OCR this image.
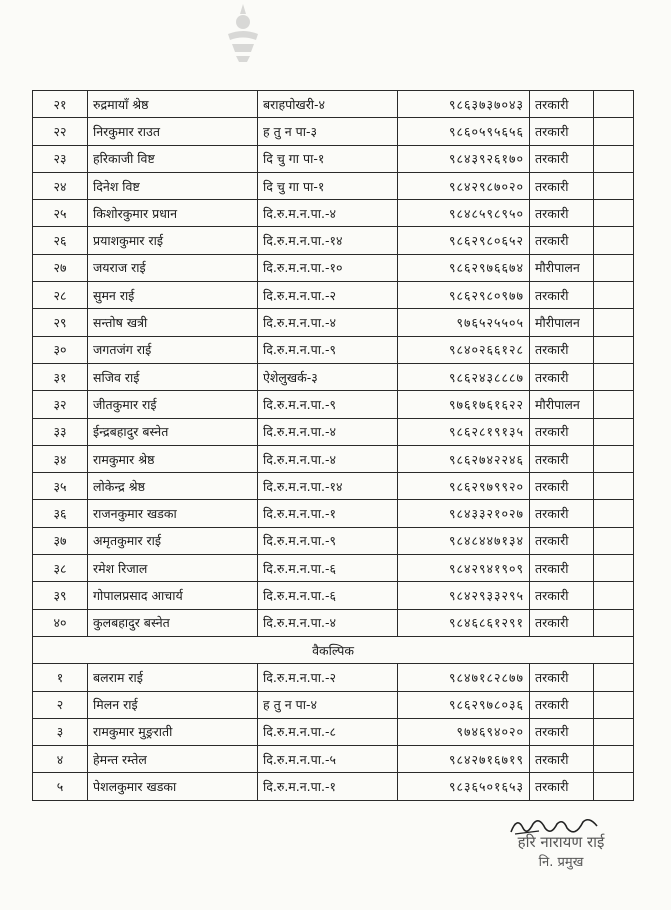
२१	रुद्रमायाँ श्रेष्ठ	बराहपोखरी-४	९८६३७३७०४३	तरकारी	
२२	निरकुमार राउत	ह तु न पा-३	९८६०५९५६५६	तरकारी	
२३	हरिकाजी विष्ट	दि चु गा पा-१	९८४३९२६१७०	तरकारी	
२४	दिनेश विष्ट	दि चु गा पा-१	९८४२९८७०२०	तरकारी	
२५	किशोरकुमार प्रधान	दि.रु.म.न.पा.-४	९८४८५९८९५०	तरकारी	
२६	प्रयाशकुमार राई	दि.रु.म.न.पा.-१४	९८६२९८०६५२	तरकारी	
२७	जयराज राई	दि.रु.म.न.पा.-१०	९८६२९७६६७४	मौरीपालन	
२८	सुमन राई	दि.रु.म.न.पा.-२	९८६२९८०९७७	तरकारी	
२९	सन्तोष खत्री	दि.रु.म.न.पा.-४	९७६५२५५०५	मौरीपालन	
३०	जगतजंग राई	दि.रु.म.न.पा.-९	९८४०२६६१२८	तरकारी	
३१	सजिव राई	ऐशेलुखर्क-३	९८६२४३८८८७	तरकारी	
३२	जीतकुमार राई	दि.रु.म.न.पा.-९	९७६१७६१६२२	मौरीपालन	
३३	ईन्द्रबहादुर बस्नेत	दि.रु.म.न.पा.-४	९८६२८१९१३५	तरकारी	
३४	रामकुमार श्रेष्ठ	दि.रु.म.न.पा.-४	९८६२७४२२४६	तरकारी	
३५	लोकेन्द्र श्रेष्ठ	दि.रु.म.न.पा.-१४	९८६२९७९९२०	तरकारी	
३६	राजनकुमार खडका	दि.रु.म.न.पा.-१	९८४३३२१०२७	तरकारी	
३७	अमृतकुमार राई	दि.रु.म.न.पा.-९	९८४८४४७१३४	तरकारी	
३८	रमेश रिजाल	दि.रु.म.न.पा.-६	९८४२९४१९०९	तरकारी	
३९	गोपालप्रसाद आचार्य	दि.रु.म.न.पा.-६	९८४२९३३२९५	तरकारी	
४०	कुलबहादुर बस्नेत	दि.रु.म.न.पा.-४	९८४६८६१२९१	तरकारी	
वैकल्पिक					
१	बलराम राई	दि.रु.म.न.पा.-२	९८४७१८२८७७	तरकारी	
२	मिलन राई	ह तु न पा-४	९८६२९७८०३६	तरकारी	
३	रामकुमार मुङ्रराती	दि.रु.म.न.पा.-८	९७४६९४०२०	तरकारी	
४	हेमन्त रम्तेल	दि.रु.म.न.पा.-५	९८४२७१६७१९	तरकारी	
५	पेशलकुमार खडका	दि.रु.म.न.पा.-१	९८३६५०१६५३	तरकारी	
हरि नारायण राई
नि. प्रमुख
